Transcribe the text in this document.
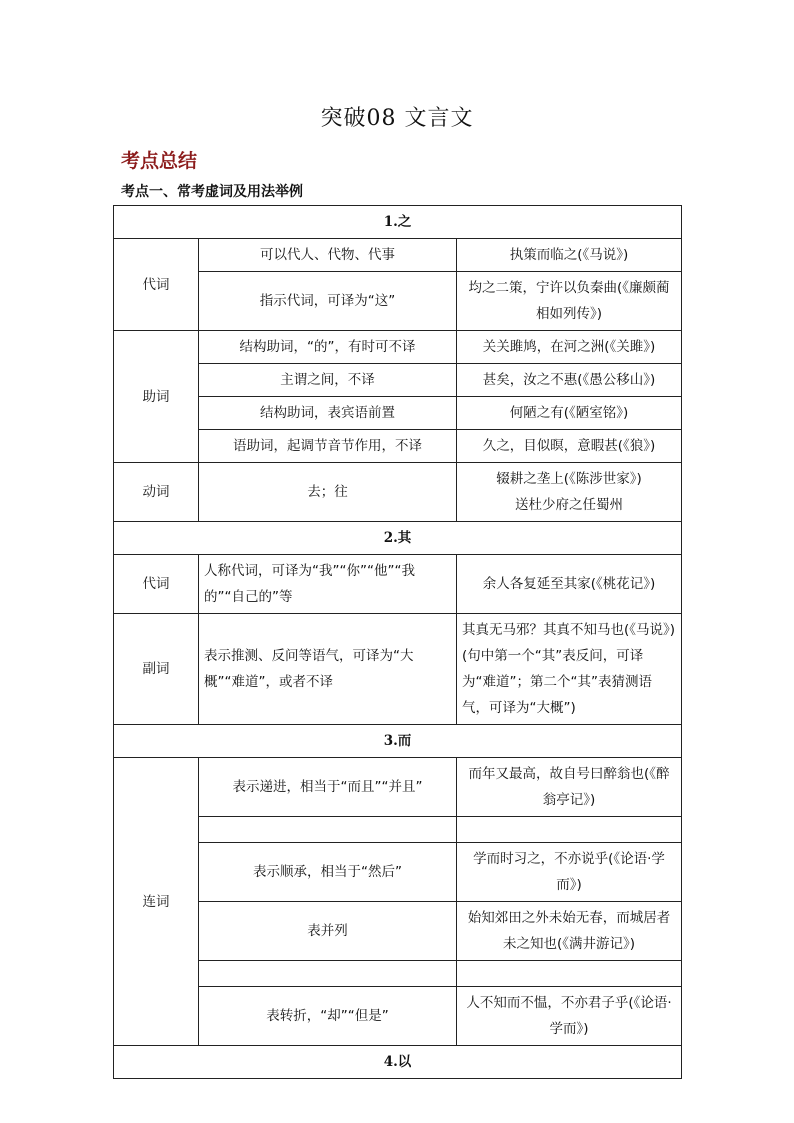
突破08 文言文
考点总结
考点一、常考虚词及用法举例
1.之		
代词	可以代人、代物、代事	执策而临之(《马说》)
	指示代词，可译为“这”	均之二策，宁许以负秦曲(《廉颇蔺相如列传》)
助词	结构助词，“的”，有时可不译	关关雎鸠，在河之洲(《关雎》)
	主谓之间，不译	甚矣，汝之不惠(《愚公移山》)
	结构助词，表宾语前置	何陋之有(《陋室铭》)
	语助词，起调节音节作用，不译	久之，目似暝，意暇甚(《狼》)
动词	去；往	辍耕之垄上(《陈涉世家》)
送杜少府之任蜀州

2.其		
代词	人称代词，可译为“我”“你”“他”“我的”“自己的”等	余人各复延至其家(《桃花记》)
副词	表示推测、反问等语气，可译为“大概”“难道”，或者不译	其真无马邪？其真不知马也(《马说》)(句中第一个“其”表反问，可译为“难道”；第二个“其”表猜测语气，可译为“大概”)
3.而		
连词	表示递进，相当于“而且”“并且”	而年又最高，故自号曰醉翁也(《醉翁亭记》)

	表示顺承，相当于“然后”	学而时习之，不亦说乎(《论语·学而》)
	表并列	始知郊田之外未始无春，而城居者未之知也(《满井游记》)

	表转折，“却”“但是”	人不知而不愠，不亦君子乎(《论语·学而》)
4.以		
